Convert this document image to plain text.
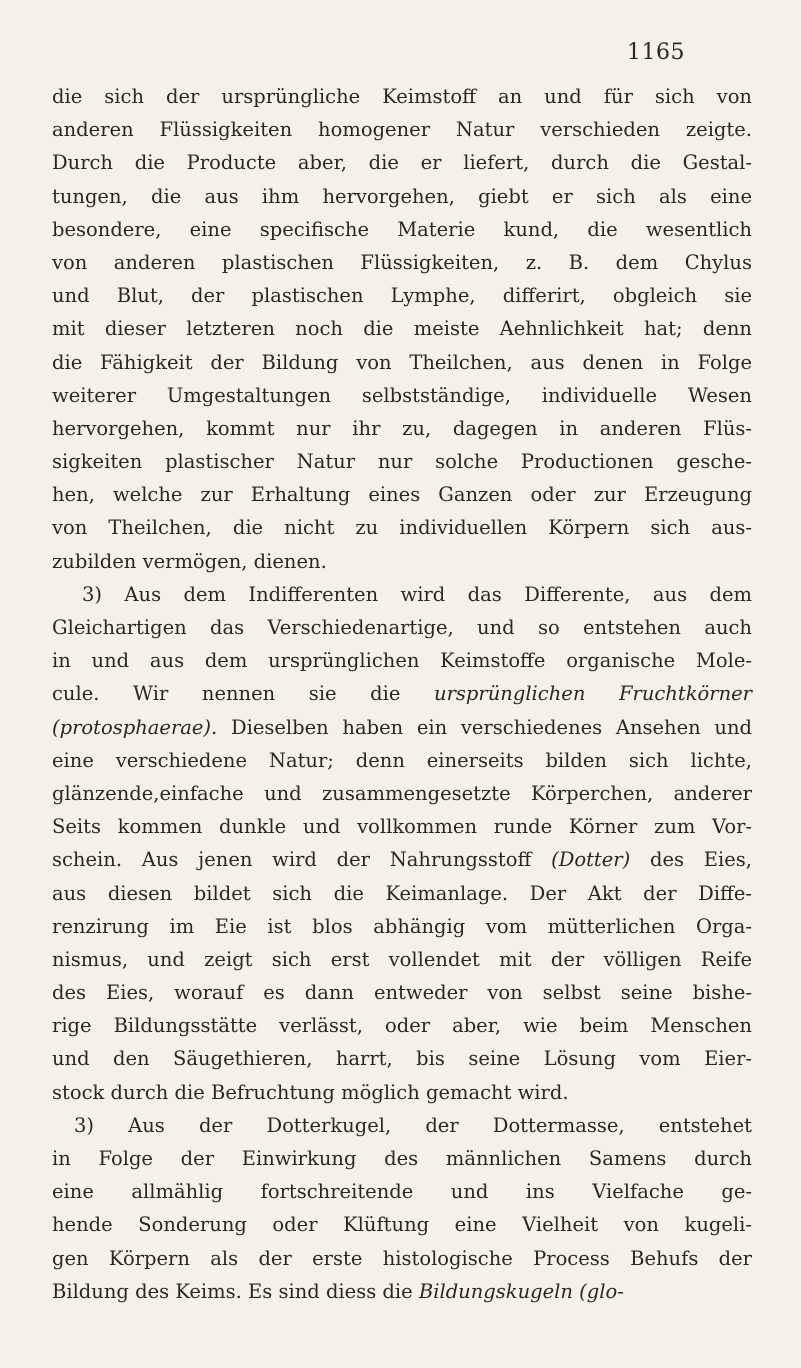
1165
die sich der ursprüngliche Keimstoff an und für sich von
anderen Flüssigkeiten homogener Natur verschieden zeigte.
Durch die Producte aber, die er liefert, durch die Gestal-
tungen, die aus ihm hervorgehen, giebt er sich als eine
besondere, eine specifische Materie kund, die wesentlich
von anderen plastischen Flüssigkeiten, z. B. dem Chylus
und Blut, der plastischen Lymphe, differirt, obgleich sie
mit dieser letzteren noch die meiste Aehnlichkeit hat; denn
die Fähigkeit der Bildung von Theilchen, aus denen in Folge
weiterer Umgestaltungen selbstständige, individuelle Wesen
hervorgehen, kommt nur ihr zu, dagegen in anderen Flüs-
sigkeiten plastischer Natur nur solche Productionen gesche-
hen, welche zur Erhaltung eines Ganzen oder zur Erzeugung
von Theilchen, die nicht zu individuellen Körpern sich aus-
zubilden vermögen, dienen.
3) Aus dem Indifferenten wird das Differente, aus dem
Gleichartigen das Verschiedenartige, und so entstehen auch
in und aus dem ursprünglichen Keimstoffe organische Mole-
cule. Wir nennen sie die ursprünglichen Fruchtkörner
(protosphaerae). Dieselben haben ein verschiedenes Ansehen und
eine verschiedene Natur; denn einerseits bilden sich lichte,
glänzende,einfache und zusammengesetzte Körperchen, anderer
Seits kommen dunkle und vollkommen runde Körner zum Vor-
schein. Aus jenen wird der Nahrungsstoff (Dotter) des Eies,
aus diesen bildet sich die Keimanlage. Der Akt der Diffe-
renzirung im Eie ist blos abhängig vom mütterlichen Orga-
nismus, und zeigt sich erst vollendet mit der völligen Reife
des Eies, worauf es dann entweder von selbst seine bishe-
rige Bildungsstätte verlässt, oder aber, wie beim Menschen
und den Säugethieren, harrt, bis seine Lösung vom Eier-
stock durch die Befruchtung möglich gemacht wird.
3) Aus der Dotterkugel, der Dottermasse, entstehet
in Folge der Einwirkung des männlichen Samens durch
eine allmählig fortschreitende und ins Vielfache ge-
hende Sonderung oder Klüftung eine Vielheit von kugeli-
gen Körpern als der erste histologische Process Behufs der
Bildung des Keims. Es sind diess die Bildungskugeln (glo-
